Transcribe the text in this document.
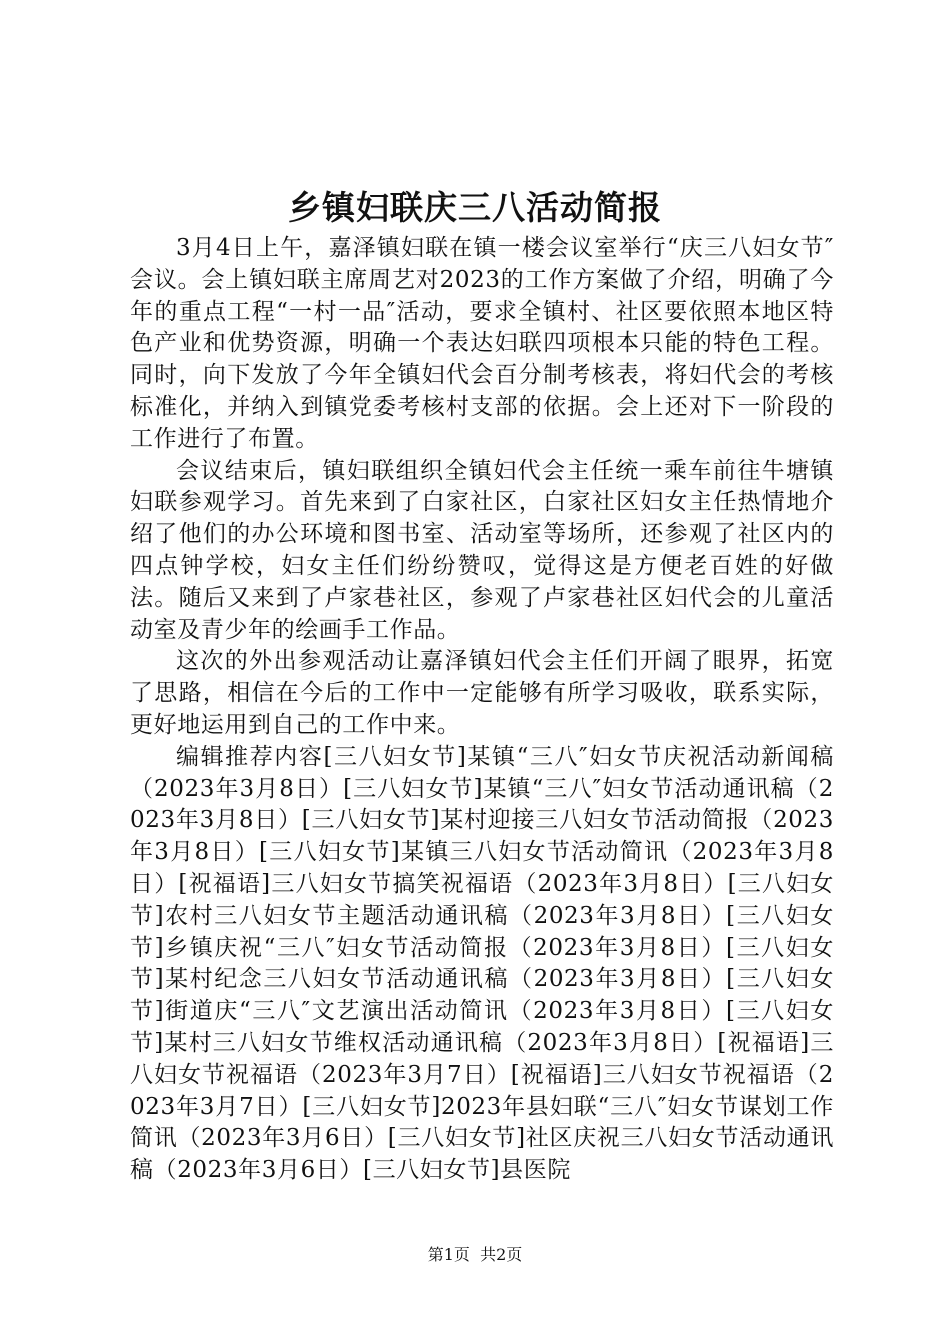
乡镇妇联庆三八活动简报

3月4日上午，嘉泽镇妇联在镇一楼会议室举行“庆三八妇女节″会议。会上镇妇联主席周艺对2023的工作方案做了介绍，明确了今年的重点工程“一村一品″活动，要求全镇村、社区要依照本地区特色产业和优势资源，明确一个表达妇联四项根本只能的特色工程。同时，向下发放了今年全镇妇代会百分制考核表，将妇代会的考核标准化，并纳入到镇党委考核村支部的依据。会上还对下一阶段的工作进行了布置。

会议结束后，镇妇联组织全镇妇代会主任统一乘车前往牛塘镇妇联参观学习。首先来到了白家社区，白家社区妇女主任热情地介绍了他们的办公环境和图书室、活动室等场所，还参观了社区内的四点钟学校，妇女主任们纷纷赞叹，觉得这是方便老百姓的好做法。随后又来到了卢家巷社区，参观了卢家巷社区妇代会的儿童活动室及青少年的绘画手工作品。

这次的外出参观活动让嘉泽镇妇代会主任们开阔了眼界，拓宽了思路，相信在今后的工作中一定能够有所学习吸收，联系实际，更好地运用到自己的工作中来。

编辑推荐内容[三八妇女节]某镇“三八″妇女节庆祝活动新闻稿（2023年3月8日）[三八妇女节]某镇“三八″妇女节活动通讯稿（2023年3月8日）[三八妇女节]某村迎接三八妇女节活动简报（2023年3月8日）[三八妇女节]某镇三八妇女节活动简讯（2023年3月8日）[祝福语]三八妇女节搞笑祝福语（2023年3月8日）[三八妇女节]农村三八妇女节主题活动通讯稿（2023年3月8日）[三八妇女节]乡镇庆祝“三八″妇女节活动简报（2023年3月8日）[三八妇女节]某村纪念三八妇女节活动通讯稿（2023年3月8日）[三八妇女节]街道庆“三八″文艺演出活动简讯（2023年3月8日）[三八妇女节]某村三八妇女节维权活动通讯稿（2023年3月8日）[祝福语]三八妇女节祝福语（2023年3月7日）[祝福语]三八妇女节祝福语（2023年3月7日）[三八妇女节]2023年县妇联“三八″妇女节谋划工作简讯（2023年3月6日）[三八妇女节]社区庆祝三八妇女节活动通讯稿（2023年3月6日）[三八妇女节]县医院

第1页 共2页
